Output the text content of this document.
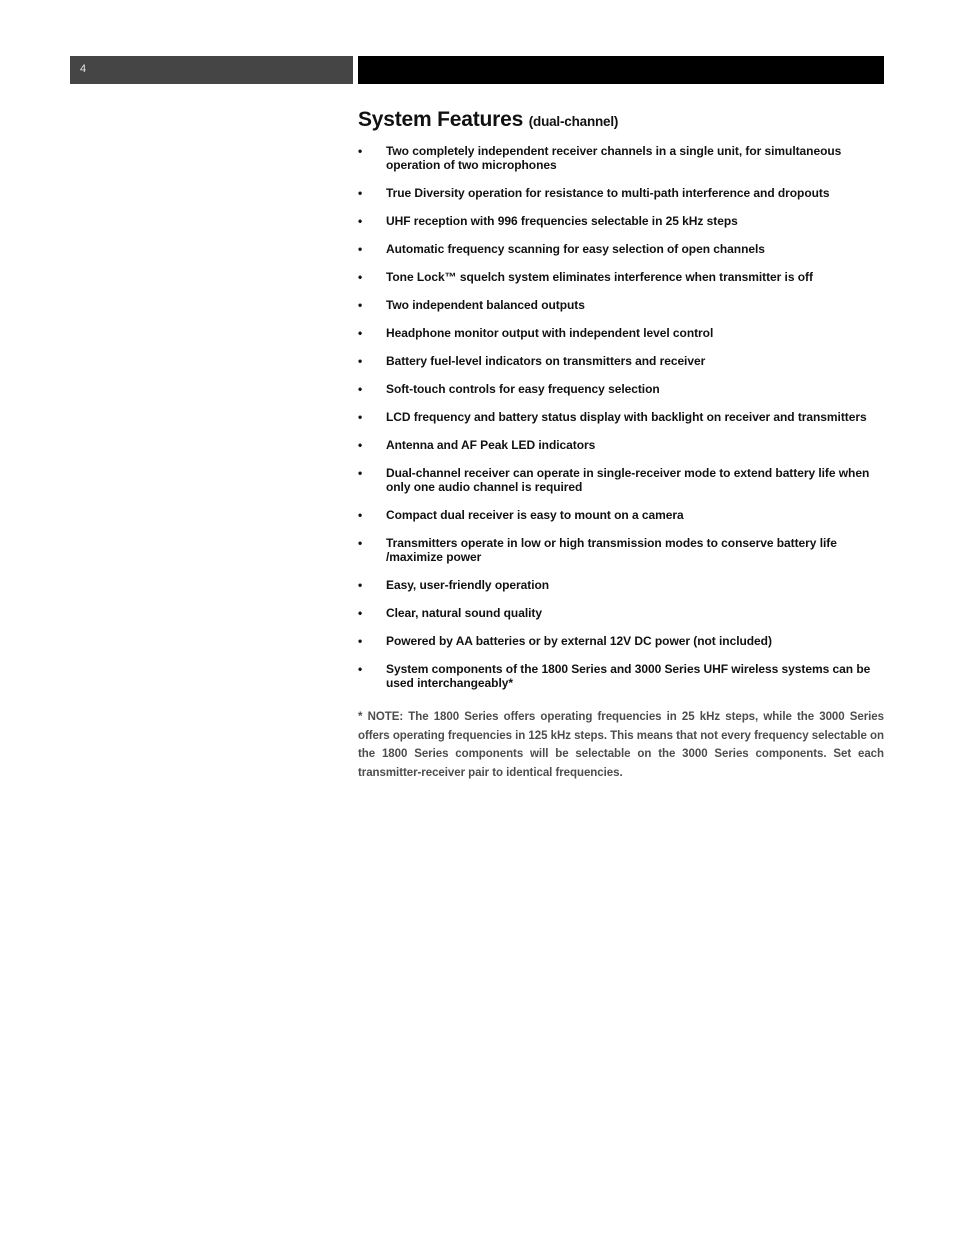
4
System Features (dual-channel)
• Two completely independent receiver channels in a single unit, for simultaneous operation of two microphones
• True Diversity operation for resistance to multi-path interference and dropouts
• UHF reception with 996 frequencies selectable in 25 kHz steps
• Automatic frequency scanning for easy selection of open channels
• Tone Lock™ squelch system eliminates interference when transmitter is off
• Two independent balanced outputs
• Headphone monitor output with independent level control
• Battery fuel-level indicators on transmitters and receiver
• Soft-touch controls for easy frequency selection
• LCD frequency and battery status display with backlight on receiver and transmitters
• Antenna and AF Peak LED indicators
• Dual-channel receiver can operate in single-receiver mode to extend battery life when only one audio channel is required
• Compact dual receiver is easy to mount on a camera
• Transmitters operate in low or high transmission modes to conserve battery life /maximize power
• Easy, user-friendly operation
• Clear, natural sound quality
• Powered by AA batteries or by external 12V DC power (not included)
• System components of the 1800 Series and 3000 Series UHF wireless systems can be used interchangeably*

* NOTE: The 1800 Series offers operating frequencies in 25 kHz steps, while the 3000 Series offers operating frequencies in 125 kHz steps. This means that not every frequency selectable on the 1800 Series components will be selectable on the 3000 Series components. Set each transmitter-receiver pair to identical frequencies.
